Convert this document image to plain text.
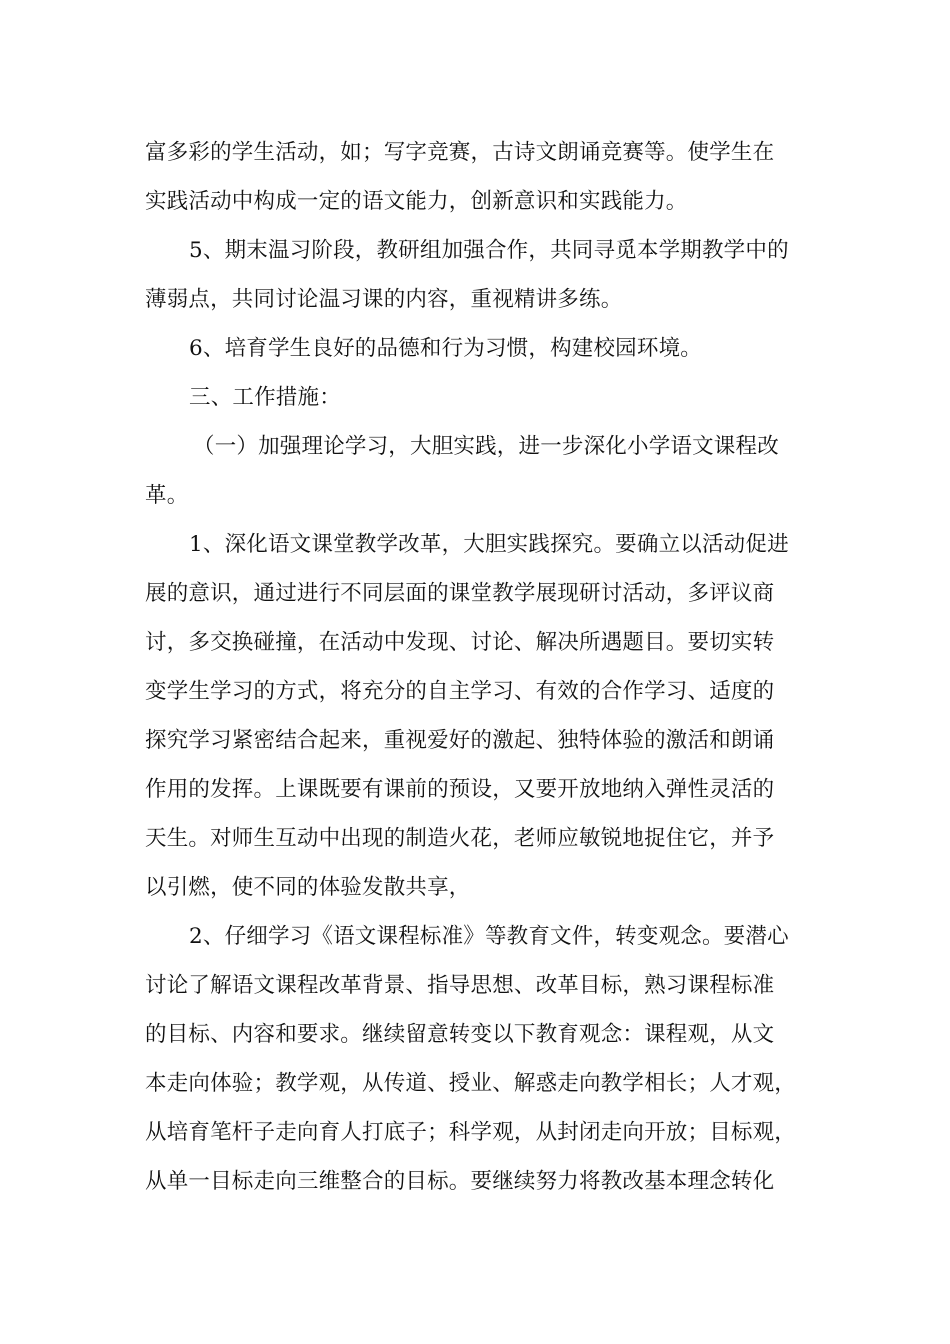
富多彩的学生活动，如；写字竞赛，古诗文朗诵竞赛等。使学生在
实践活动中构成一定的语文能力，创新意识和实践能力。
5、期末温习阶段，教研组加强合作，共同寻觅本学期教学中的
薄弱点，共同讨论温习课的内容，重视精讲多练。
6、培育学生良好的品德和行为习惯，构建校园环境。
三、工作措施：
（一）加强理论学习，大胆实践，进一步深化小学语文课程改
革。
1、深化语文课堂教学改革，大胆实践探究。要确立以活动促进
展的意识，通过进行不同层面的课堂教学展现研讨活动，多评议商
讨，多交换碰撞，在活动中发现、讨论、解决所遇题目。要切实转
变学生学习的方式，将充分的自主学习、有效的合作学习、适度的
探究学习紧密结合起来，重视爱好的激起、独特体验的激活和朗诵
作用的发挥。上课既要有课前的预设，又要开放地纳入弹性灵活的
天生。对师生互动中出现的制造火花，老师应敏锐地捉住它，并予
以引燃，使不同的体验发散共享，
2、仔细学习《语文课程标准》等教育文件，转变观念。要潜心
讨论了解语文课程改革背景、指导思想、改革目标，熟习课程标准
的目标、内容和要求。继续留意转变以下教育观念：课程观，从文
本走向体验；教学观，从传道、授业、解惑走向教学相长；人才观，
从培育笔杆子走向育人打底子；科学观，从封闭走向开放；目标观，
从单一目标走向三维整合的目标。要继续努力将教改基本理念转化
